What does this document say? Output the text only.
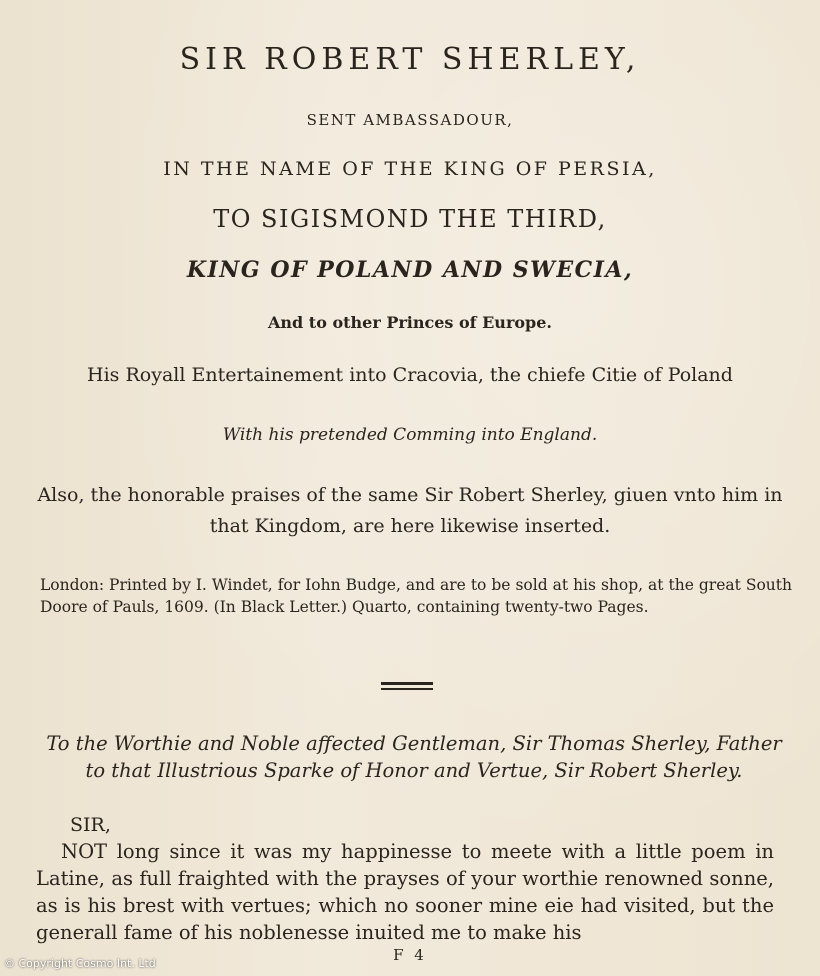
SIR ROBERT SHERLEY,
SENT AMBASSADOUR,
IN THE NAME OF THE KING OF PERSIA,
TO SIGISMOND THE THIRD,
KING OF POLAND AND SWECIA,
And to other Princes of Europe.
His Royall Entertainement into Cracovia, the chiefe Citie of Poland
With his pretended Comming into England.
Also, the honorable praises of the same Sir Robert Sherley, giuen vnto him in that Kingdom, are here likewise inserted.
London: Printed by I. Windet, for Iohn Budge, and are to be sold at his shop, at the great South Doore of Pauls, 1609. (In Black Letter.) Quarto, containing twenty-two Pages.
To the Worthie and Noble affected Gentleman, Sir Thomas Sherley, Father to that Illustrious Sparke of Honor and Vertue, Sir Robert Sherley.
SIR,
NOT long since it was my happinesse to meete with a little poem in Latine, as full fraighted with the prayses of your worthie renowned sonne, as is his brest with vertues; which no sooner mine eie had visited, but the generall fame of his noblenesse inuited me to make his
F 4
© Copyright Cosmo Int. Ltd
